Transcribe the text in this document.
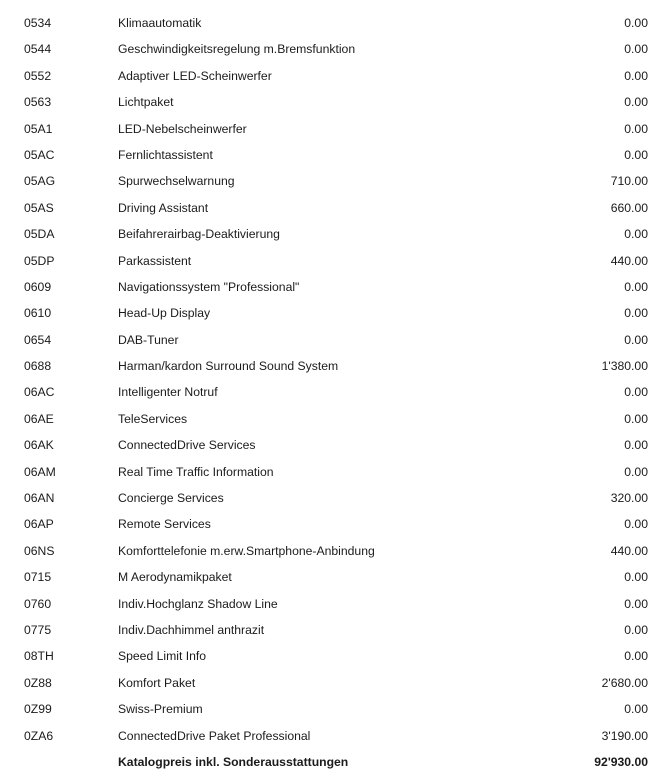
0534	Klimaautomatik	0.00
0544	Geschwindigkeitsregelung m.Bremsfunktion	0.00
0552	Adaptiver LED-Scheinwerfer	0.00
0563	Lichtpaket	0.00
05A1	LED-Nebelscheinwerfer	0.00
05AC	Fernlichtassistent	0.00
05AG	Spurwechselwarnung	710.00
05AS	Driving Assistant	660.00
05DA	Beifahrerairbag-Deaktivierung	0.00
05DP	Parkassistent	440.00
0609	Navigationssystem "Professional"	0.00
0610	Head-Up Display	0.00
0654	DAB-Tuner	0.00
0688	Harman/kardon Surround Sound System	1'380.00
06AC	Intelligenter Notruf	0.00
06AE	TeleServices	0.00
06AK	ConnectedDrive Services	0.00
06AM	Real Time Traffic Information	0.00
06AN	Concierge Services	320.00
06AP	Remote Services	0.00
06NS	Komforttelefonie m.erw.Smartphone-Anbindung	440.00
0715	M Aerodynamikpaket	0.00
0760	Indiv.Hochglanz Shadow Line	0.00
0775	Indiv.Dachhimmel anthrazit	0.00
08TH	Speed Limit Info	0.00
0Z88	Komfort Paket	2'680.00
0Z99	Swiss-Premium	0.00
0ZA6	ConnectedDrive Paket Professional	3'190.00
Katalogpreis inkl. Sonderausstattungen	92'930.00
